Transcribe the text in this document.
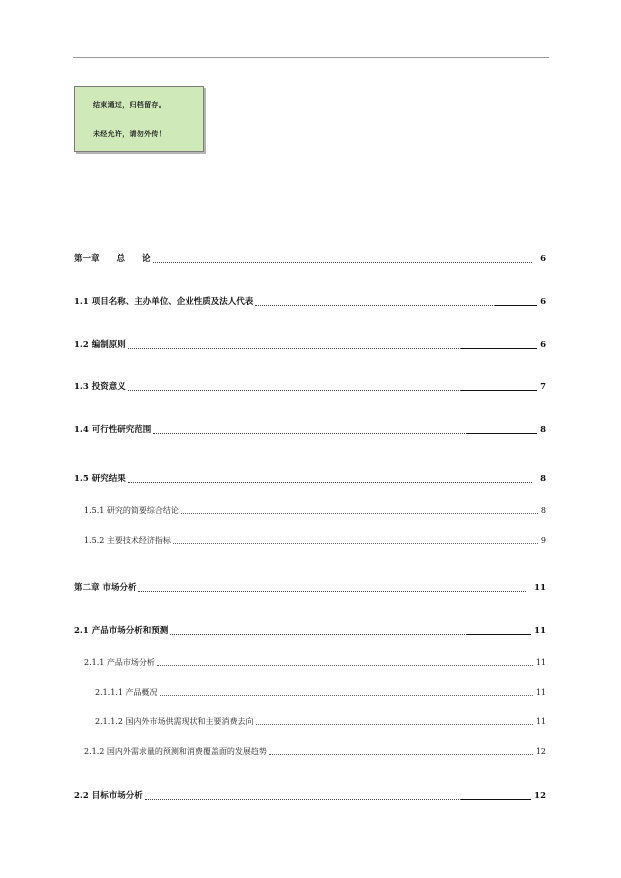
结束通过，归档留存。
未经允许，请勿外传！
第一章　　总　　论	6
1.1 项目名称、主办单位、企业性质及法人代表	6
1.2 编制原则	6
1.3 投资意义	7
1.4 可行性研究范围	8
1.5 研究结果	8
1.5.1 研究的简要综合结论	8
1.5.2 主要技术经济指标	9
第二章 市场分析	11
2.1 产品市场分析和预测	11
2.1.1 产品市场分析	11
2.1.1.1 产品概况	11
2.1.1.2 国内外市场供需现状和主要消费去向	11
2.1.2 国内外需求量的预测和消费覆盖面的发展趋势	12
2.2 目标市场分析	12
